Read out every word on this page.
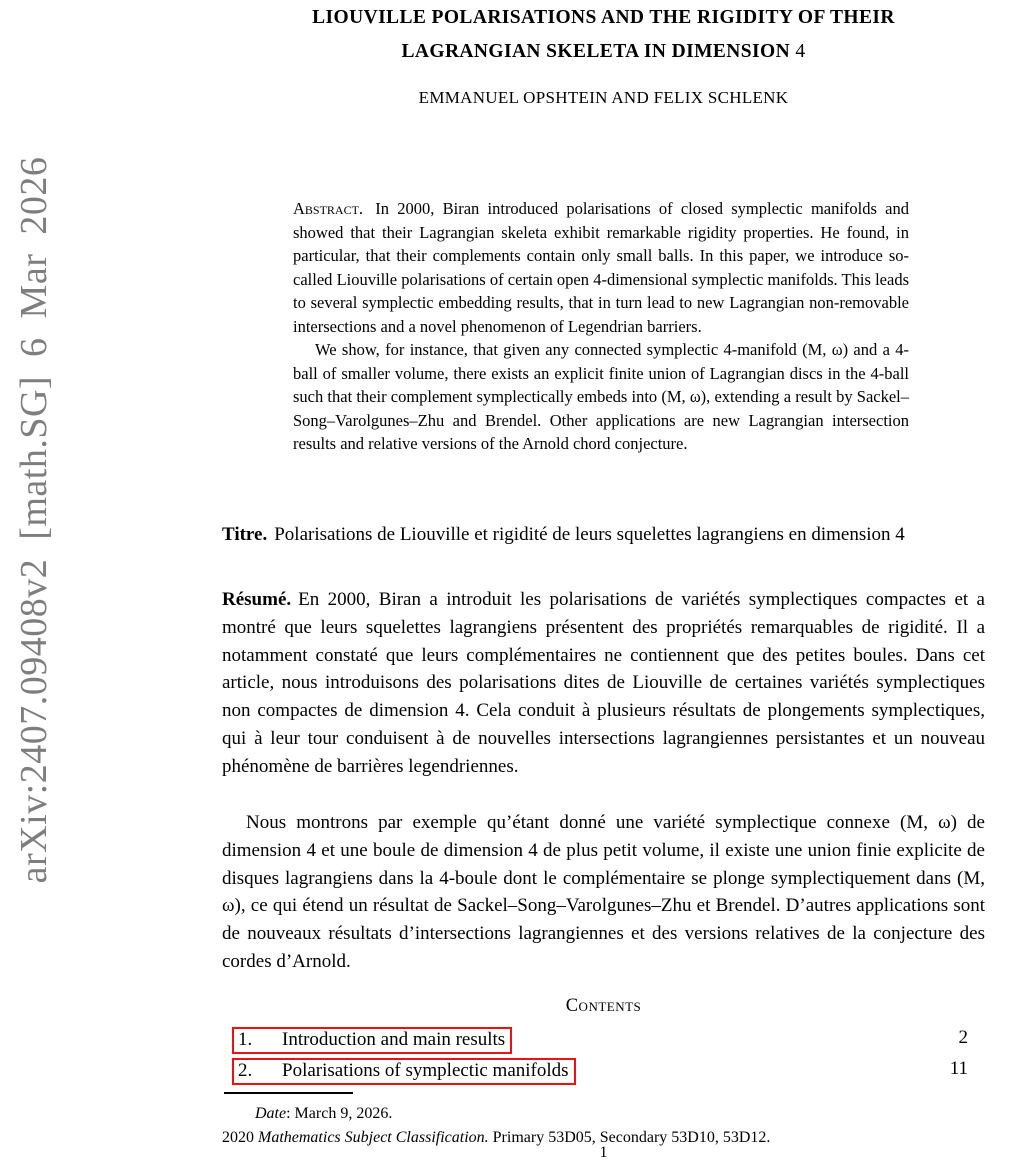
arXiv:2407.09408v2 [math.SG] 6 Mar 2026
LIOUVILLE POLARISATIONS AND THE RIGIDITY OF THEIR
LAGRANGIAN SKELETA IN DIMENSION 4
EMMANUEL OPSHTEIN AND FELIX SCHLENK
Abstract. In 2000, Biran introduced polarisations of closed symplectic manifolds and showed that their Lagrangian skeleta exhibit remarkable rigidity properties. He found, in particular, that their complements contain only small balls. In this paper, we introduce so-called Liouville polarisations of certain open 4-dimensional symplectic manifolds. This leads to several symplectic embedding results, that in turn lead to new Lagrangian non-removable intersections and a novel phenomenon of Legendrian barriers.
We show, for instance, that given any connected symplectic 4-manifold (M, ω) and a 4-ball of smaller volume, there exists an explicit finite union of Lagrangian discs in the 4-ball such that their complement symplectically embeds into (M, ω), extending a result by Sackel–Song–Varolgunes–Zhu and Brendel. Other applications are new Lagrangian intersection results and relative versions of the Arnold chord conjecture.
Titre. Polarisations de Liouville et rigidité de leurs squelettes lagrangiens en dimension 4
Résumé. En 2000, Biran a introduit les polarisations de variétés symplectiques compactes et a montré que leurs squelettes lagrangiens présentent des propriétés remarquables de rigidité. Il a notamment constaté que leurs complémentaires ne contiennent que des petites boules. Dans cet article, nous introduisons des polarisations dites de Liouville de certaines variétés symplectiques non compactes de dimension 4. Cela conduit à plusieurs résultats de plongements symplectiques, qui à leur tour conduisent à de nouvelles intersections lagrangiennes persistantes et un nouveau phénomène de barrières legendriennes.
Nous montrons par exemple qu’étant donné une variété symplectique connexe (M, ω) de dimension 4 et une boule de dimension 4 de plus petit volume, il existe une union finie explicite de disques lagrangiens dans la 4-boule dont le complémentaire se plonge symplectiquement dans (M, ω), ce qui étend un résultat de Sackel–Song–Varolgunes–Zhu et Brendel. D’autres applications sont de nouveaux résultats d’intersections lagrangiennes et des versions relatives de la conjecture des cordes d’Arnold.
Contents
1. Introduction and main results	2
2. Polarisations of symplectic manifolds	11
Date: March 9, 2026.
2020 Mathematics Subject Classification. Primary 53D05, Secondary 53D10, 53D12.
1
